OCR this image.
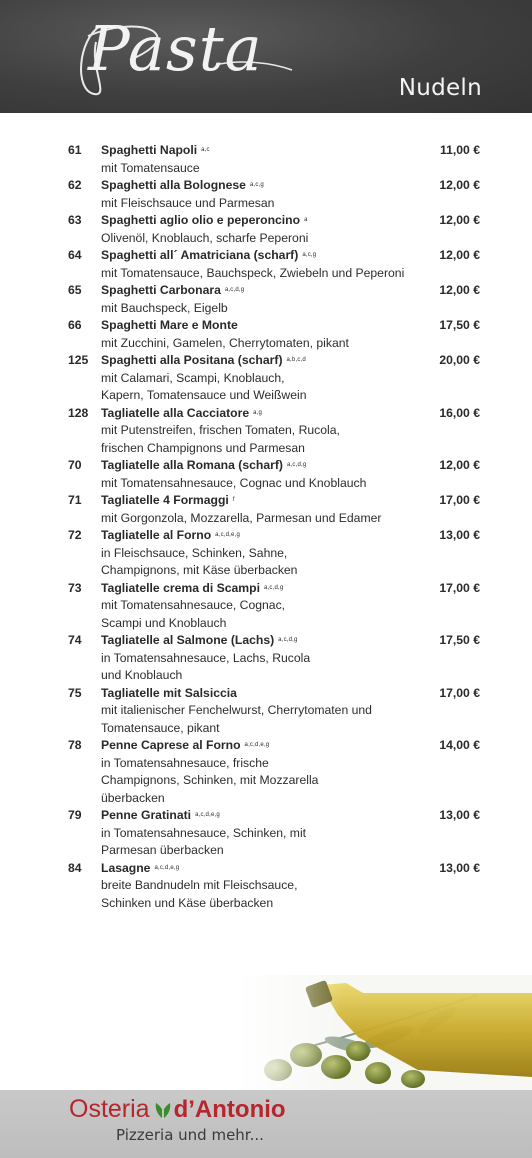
Pasta
Nudeln
61	Spaghetti Napoli a,c	11,00 €
mit Tomatensauce
62	Spaghetti alla Bolognese a,c,g	12,00 €
mit Fleischsauce und Parmesan
63	Spaghetti aglio olio e peperoncino a	12,00 €
Olivenöl, Knoblauch, scharfe Peperoni
64	Spaghetti all´ Amatriciana (scharf) a,c,g	12,00 €
mit Tomatensauce, Bauchspeck, Zwiebeln und Peperoni
65	Spaghetti Carbonara a,c,d,g	12,00 €
mit Bauchspeck, Eigelb
66	Spaghetti Mare e Monte	17,50 €
mit Zucchini, Gamelen, Cherrytomaten, pikant
125	Spaghetti alla Positana (scharf) a,b,c,d	20,00 €
mit Calamari, Scampi, Knoblauch,
Kapern, Tomatensauce und Weißwein
128	Tagliatelle alla Cacciatore a,g	16,00 €
mit Putenstreifen, frischen Tomaten, Rucola,
frischen Champignons und Parmesan
70	Tagliatelle alla Romana (scharf) a,c,d,g	12,00 €
mit Tomatensahnesauce, Cognac und Knoblauch
71	Tagliatelle 4 Formaggi f	17,00 €
mit Gorgonzola, Mozzarella, Parmesan und Edamer
72	Tagliatelle al Forno a,c,d,e,g	13,00 €
in Fleischsauce, Schinken, Sahne,
Champignons, mit Käse überbacken
73	Tagliatelle crema di Scampi a,c,d,g	17,00 €
mit Tomatensahnesauce, Cognac,
Scampi und Knoblauch
74	Tagliatelle al Salmone (Lachs) a,c,d,g	17,50 €
in Tomatensahnesauce, Lachs, Rucola
und Knoblauch
75	Tagliatelle mit Salsiccia	17,00 €
mit italienischer Fenchelwurst, Cherrytomaten und
Tomatensauce, pikant
78	Penne Caprese al Forno a,c,d,e,g	14,00 €
in Tomatensahnesauce, frische
Champignons, Schinken, mit Mozzarella
überbacken
79	Penne Gratinati a,c,d,e,g	13,00 €
in Tomatensahnesauce, Schinken, mit
Parmesan überbacken
84	Lasagne a,c,d,e,g	13,00 €
breite Bandnudeln mit Fleischsauce,
Schinken und Käse überbacken
Osteria d’Antonio
Pizzeria und mehr...
